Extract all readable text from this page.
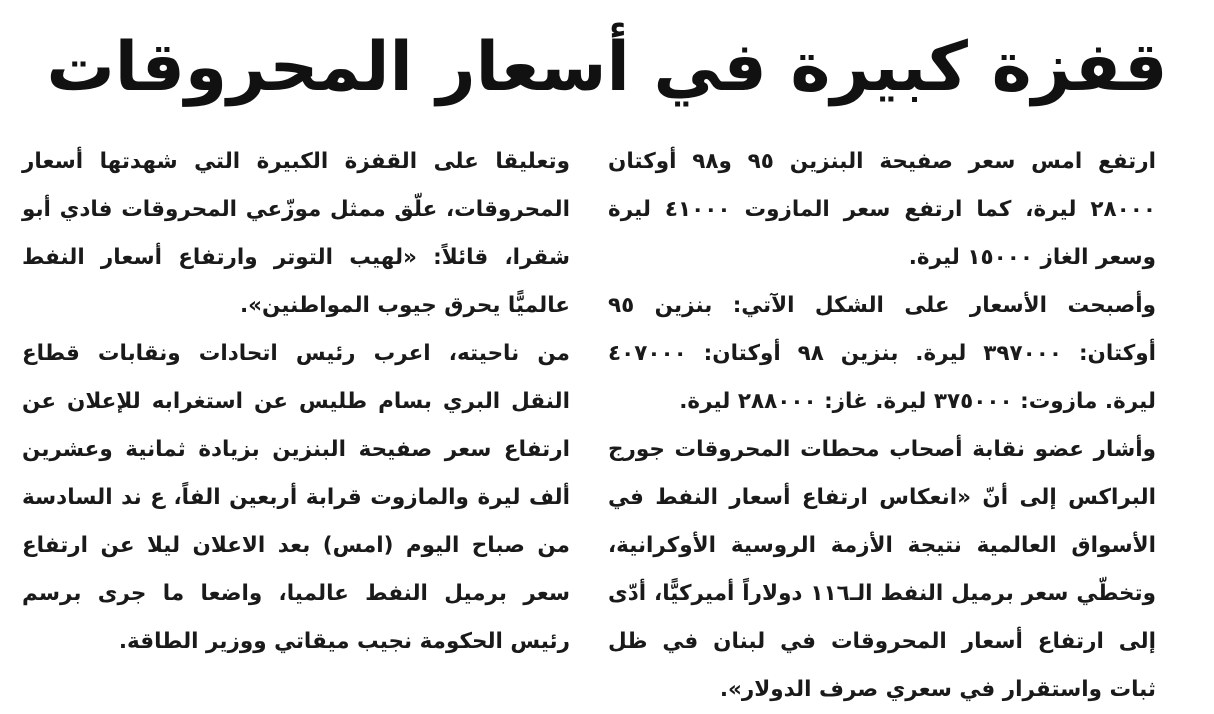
قفزة كبيرة في أسعار المحروقات

ارتفع امس سعر صفيحة البنزين ٩٥ و٩٨ أوكتان ٢٨٠٠٠ ليرة، كما ارتفع سعر المازوت ٤١٠٠٠ ليرة وسعر الغاز ١٥٠٠٠ ليرة.

وأصبحت الأسعار على الشكل الآتي: بنزين ٩٥ أوكتان: ٣٩٧٠٠٠ ليرة. بنزين ٩٨ أوكتان: ٤٠٧٠٠٠ ليرة. مازوت: ٣٧٥٠٠٠ ليرة. غاز: ٢٨٨٠٠٠ ليرة.

وأشار عضو نقابة أصحاب محطات المحروقات جورج البراكس إلى أنّ «انعكاس ارتفاع أسعار النفط في الأسواق العالمية نتيجة الأزمة الروسية الأوكرانية، وتخطّي سعر برميل النفط الـ١١٦ دولاراً أميركيًّا، أدّى إلى ارتفاع أسعار المحروقات في لبنان في ظل ثبات واستقرار في سعري صرف الدولار».

وتعليقا على القفزة الكبيرة التي شهدتها أسعار المحروقات، علّق ممثل موزّعي المحروقات فادي أبو شقرا، قائلاً: «لهيب التوتر وارتفاع أسعار النفط عالميًّا يحرق جيوب المواطنين».

من ناحيته، اعرب رئيس اتحادات ونقابات قطاع النقل البري بسام طليس عن استغرابه للإعلان عن ارتفاع سعر صفيحة البنزين بزيادة ثمانية وعشرين ألف ليرة والمازوت قرابة أربعين الفاً، ع ند السادسة من صباح اليوم (امس) بعد الاعلان ليلا عن ارتفاع سعر برميل النفط عالميا، واضعا ما جرى برسم رئيس الحكومة نجيب ميقاتي ووزير الطاقة.
